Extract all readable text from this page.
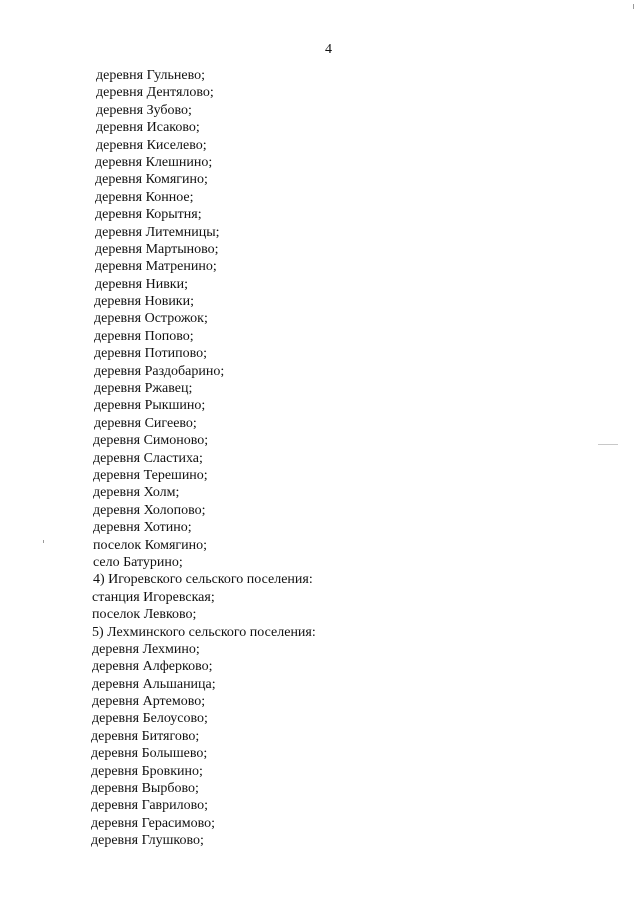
4
деревня Гульнево;
деревня Дентялово;
деревня Зубово;
деревня Исаково;
деревня Киселево;
деревня Клешнино;
деревня Комягино;
деревня Конное;
деревня Корытня;
деревня Литемницы;
деревня Мартыново;
деревня Матренино;
деревня Нивки;
деревня Новики;
деревня Острожок;
деревня Попово;
деревня Потипово;
деревня Раздобарино;
деревня Ржавец;
деревня Рыкшино;
деревня Сигеево;
деревня Симоново;
деревня Сластиха;
деревня Терешино;
деревня Холм;
деревня Холопово;
деревня Хотино;
поселок Комягино;
село Батурино;
4) Игоревского сельского поселения:
станция Игоревская;
поселок Левково;
5) Лехминского сельского поселения:
деревня Лехмино;
деревня Алферково;
деревня Альшаница;
деревня Артемово;
деревня Белоусово;
деревня Битягово;
деревня Болышево;
деревня Бровкино;
деревня Вырбово;
деревня Гаврилово;
деревня Герасимово;
деревня Глушково;
